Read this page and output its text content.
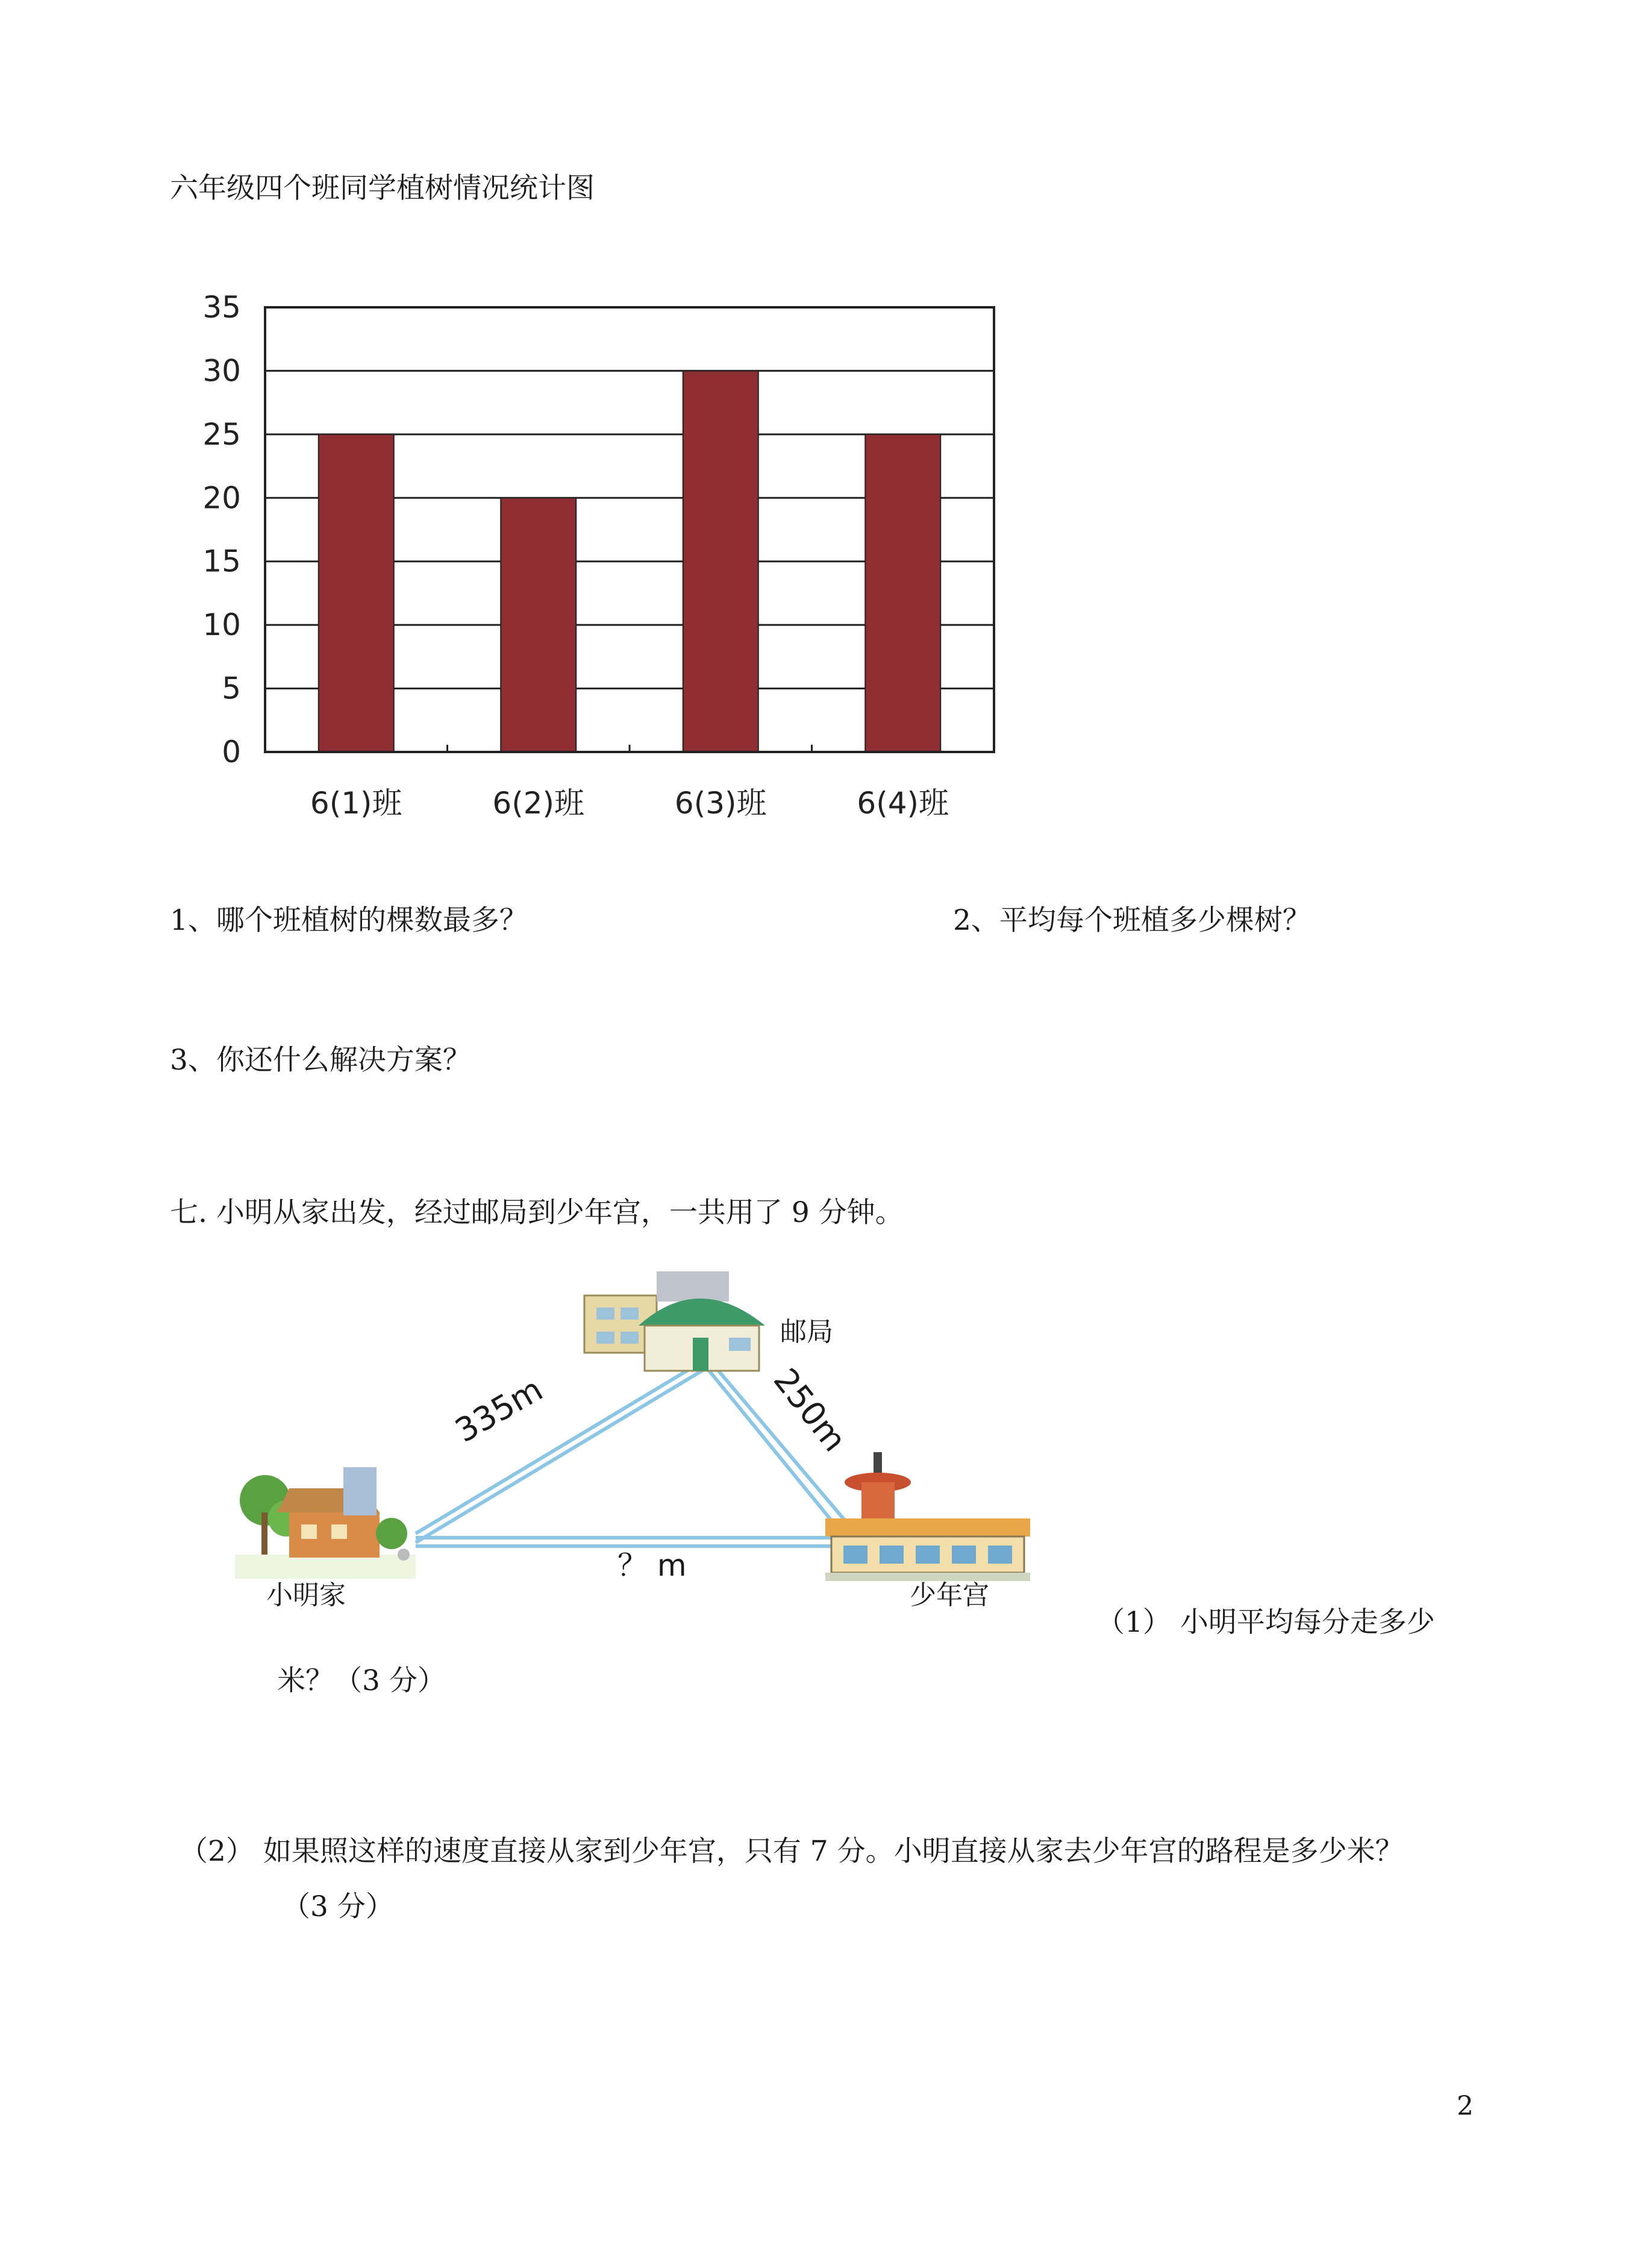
六年级四个班同学植树情况统计图
0
5
10
15
20
25
30
35
6(1)班	6(2)班	6(3)班	6(4)班
1、哪个班植树的棵数最多？	2、平均每个班植多少棵树？
3、你还什么解决方案？
七. 小明从家出发，经过邮局到少年宫，一共用了 9 分钟。
小明家
邮局
少年宫
335m	250m
？ m
（1） 小明平均每分走多少
米？（3 分）
（2） 如果照这样的速度直接从家到少年宫，只有 7 分。小明直接从家去少年宫的路程是多少米？
（3 分）
2
